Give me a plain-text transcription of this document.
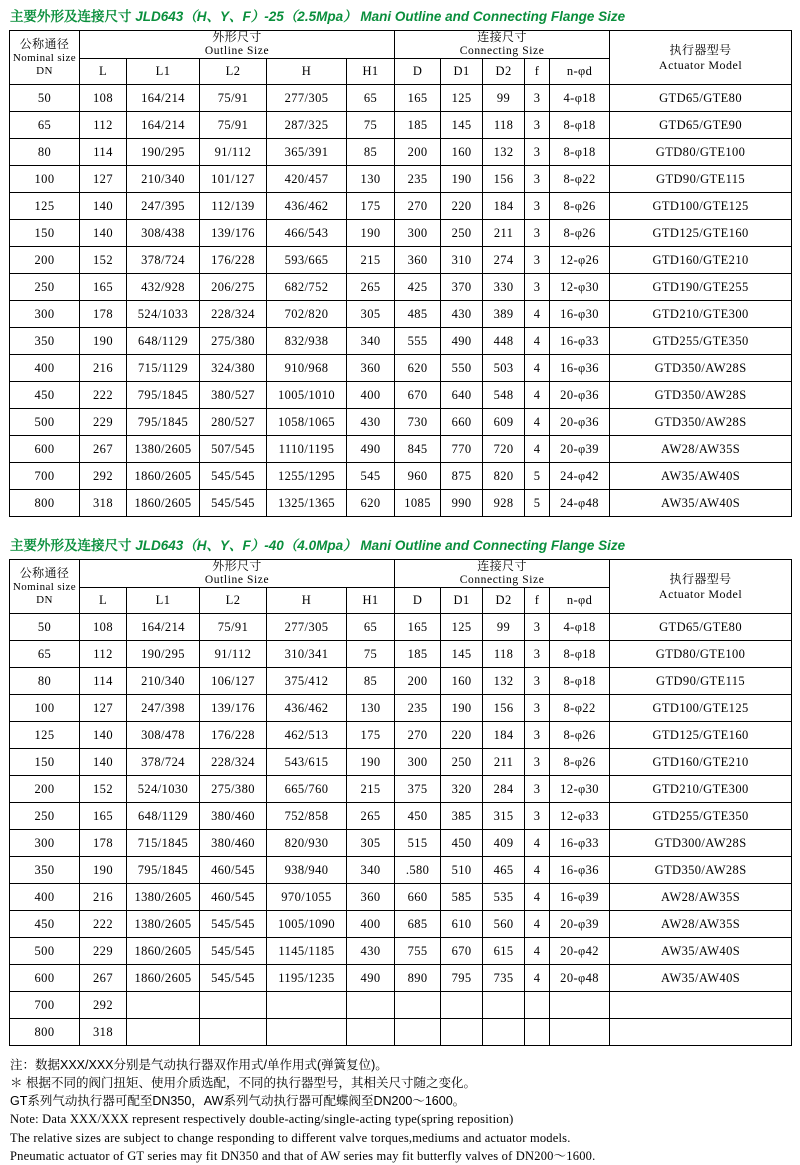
主要外形及连接尺寸 JLD643（H、Y、F）-25（2.5Mpa） Mani Outline and Connecting Flange Size
公称通径
Nominal size
DN

外形尺寸
Outline Size

连接尺寸
Connecting Size	执行器型号
Actuator Model

	L	L1	L2	H	H1	D	D1	D2	f	n-φd	
50	108	164/214	75/91	277/305	65	165	125	99	3	4-φ18	GTD65/GTE80
65	112	164/214	75/91	287/325	75	185	145	118	3	8-φ18	GTD65/GTE90
80	114	190/295	91/112	365/391	85	200	160	132	3	8-φ18	GTD80/GTE100
100	127	210/340	101/127	420/457	130	235	190	156	3	8-φ22	GTD90/GTE115
125	140	247/395	112/139	436/462	175	270	220	184	3	8-φ26	GTD100/GTE125
150	140	308/438	139/176	466/543	190	300	250	211	3	8-φ26	GTD125/GTE160
200	152	378/724	176/228	593/665	215	360	310	274	3	12-φ26	GTD160/GTE210
250	165	432/928	206/275	682/752	265	425	370	330	3	12-φ30	GTD190/GTE255
300	178	524/1033	228/324	702/820	305	485	430	389	4	16-φ30	GTD210/GTE300
350	190	648/1129	275/380	832/938	340	555	490	448	4	16-φ33	GTD255/GTE350
400	216	715/1129	324/380	910/968	360	620	550	503	4	16-φ36	GTD350/AW28S
450	222	795/1845	380/527	1005/1010	400	670	640	548	4	20-φ36	GTD350/AW28S
500	229	795/1845	280/527	1058/1065	430	730	660	609	4	20-φ36	GTD350/AW28S
600	267	1380/2605	507/545	1110/1195	490	845	770	720	4	20-φ39	AW28/AW35S
700	292	1860/2605	545/545	1255/1295	545	960	875	820	5	24-φ42	AW35/AW40S
800	318	1860/2605	545/545	1325/1365	620	1085	990	928	5	24-φ48	AW35/AW40S
主要外形及连接尺寸 JLD643（H、Y、F）-40（4.0Mpa） Mani Outline and Connecting Flange Size
公称通径
Nominal size
DN

外形尺寸
Outline Size

连接尺寸
Connecting Size	执行器型号
Actuator Model

	L	L1	L2	H	H1	D	D1	D2	f	n-φd	
50	108	164/214	75/91	277/305	65	165	125	99	3	4-φ18	GTD65/GTE80
65	112	190/295	91/112	310/341	75	185	145	118	3	8-φ18	GTD80/GTE100
80	114	210/340	106/127	375/412	85	200	160	132	3	8-φ18	GTD90/GTE115
100	127	247/398	139/176	436/462	130	235	190	156	3	8-φ22	GTD100/GTE125
125	140	308/478	176/228	462/513	175	270	220	184	3	8-φ26	GTD125/GTE160
150	140	378/724	228/324	543/615	190	300	250	211	3	8-φ26	GTD160/GTE210
200	152	524/1030	275/380	665/760	215	375	320	284	3	12-φ30	GTD210/GTE300
250	165	648/1129	380/460	752/858	265	450	385	315	3	12-φ33	GTD255/GTE350
300	178	715/1845	380/460	820/930	305	515	450	409	4	16-φ33	GTD300/AW28S
350	190	795/1845	460/545	938/940	340	.580	510	465	4	16-φ36	GTD350/AW28S
400	216	1380/2605	460/545	970/1055	360	660	585	535	4	16-φ39	AW28/AW35S
450	222	1380/2605	545/545	1005/1090	400	685	610	560	4	20-φ39	AW28/AW35S
500	229	1860/2605	545/545	1145/1185	430	755	670	615	4	20-φ42	AW35/AW40S
600	267	1860/2605	545/545	1195/1235	490	890	795	735	4	20-φ48	AW35/AW40S
700	292										
800	318										
注：数据XXX/XXX分别是气动执行器双作用式/单作用式(弹簧复位)。
＊ 根据不同的阀门扭矩、使用介质选配，不同的执行器型号，其相关尺寸随之变化。
GT系列气动执行器可配至DN350，AW系列气动执行器可配蝶阀至DN200～1600。
Note: Data XXX/XXX represent respectively double-acting/single-acting type(spring reposition)
The relative sizes are subject to change responding to different valve torques,mediums and actuator models.
Pneumatic actuator of GT series may fit DN350 and that of AW series may fit butterfly valves of DN200～1600.
